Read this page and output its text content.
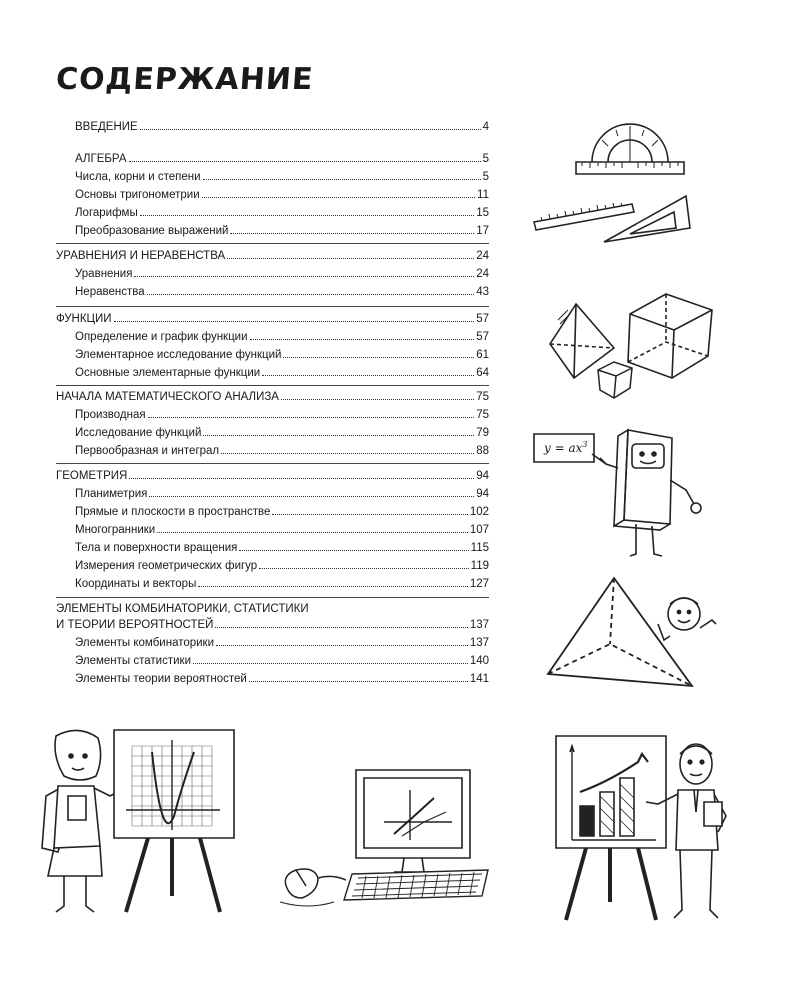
СОДЕРЖАНИЕ
ВВЕДЕНИЕ	4
АЛГЕБРА	5
Числа, корни и степени	5
Основы тригонометрии	11
Логарифмы	15
Преобразование выражений	17
УРАВНЕНИЯ И НЕРАВЕНСТВА	24
Уравнения	24
Неравенства	43
ФУНКЦИИ	57
Определение и график функции	57
Элементарное исследование функций	61
Основные элементарные функции	64
НАЧАЛА МАТЕМАТИЧЕСКОГО АНАЛИЗА	75
Производная	75
Исследование функций	79
Первообразная и интеграл	88
ГЕОМЕТРИЯ	94
Планиметрия	94
Прямые и плоскости в пространстве	102
Многогранники	107
Тела и поверхности вращения	115
Измерения геометрических фигур	119
Координаты и векторы	127
ЭЛЕМЕНТЫ КОМБИНАТОРИКИ, СТАТИСТИКИ
И ТЕОРИИ ВЕРОЯТНОСТЕЙ	137
Элементы комбинаторики	137
Элементы статистики	140
Элементы теории вероятностей	141
$y = ax^3$
